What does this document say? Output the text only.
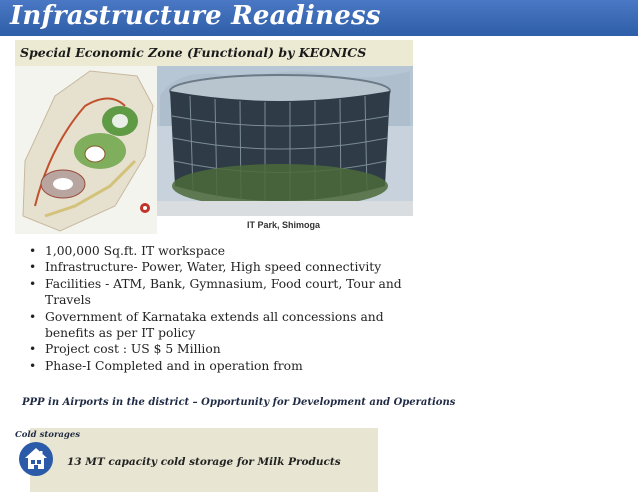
Infrastructure Readiness
Special Economic Zone (Functional) by KEONICS
IT Park, Shimoga
• 1,00,000 Sq.ft. IT workspace
• Infrastructure- Power, Water, High speed connectivity
• Facilities - ATM, Bank, Gymnasium, Food court, Tour and Travels
• Government of Karnataka extends all concessions and benefits as per IT policy
• Project cost : US $ 5 Million
• Phase-I Completed and in operation from
PPP in Airports in the district – Opportunity for Development and Operations
Cold storages
13 MT capacity cold storage for Milk Products
